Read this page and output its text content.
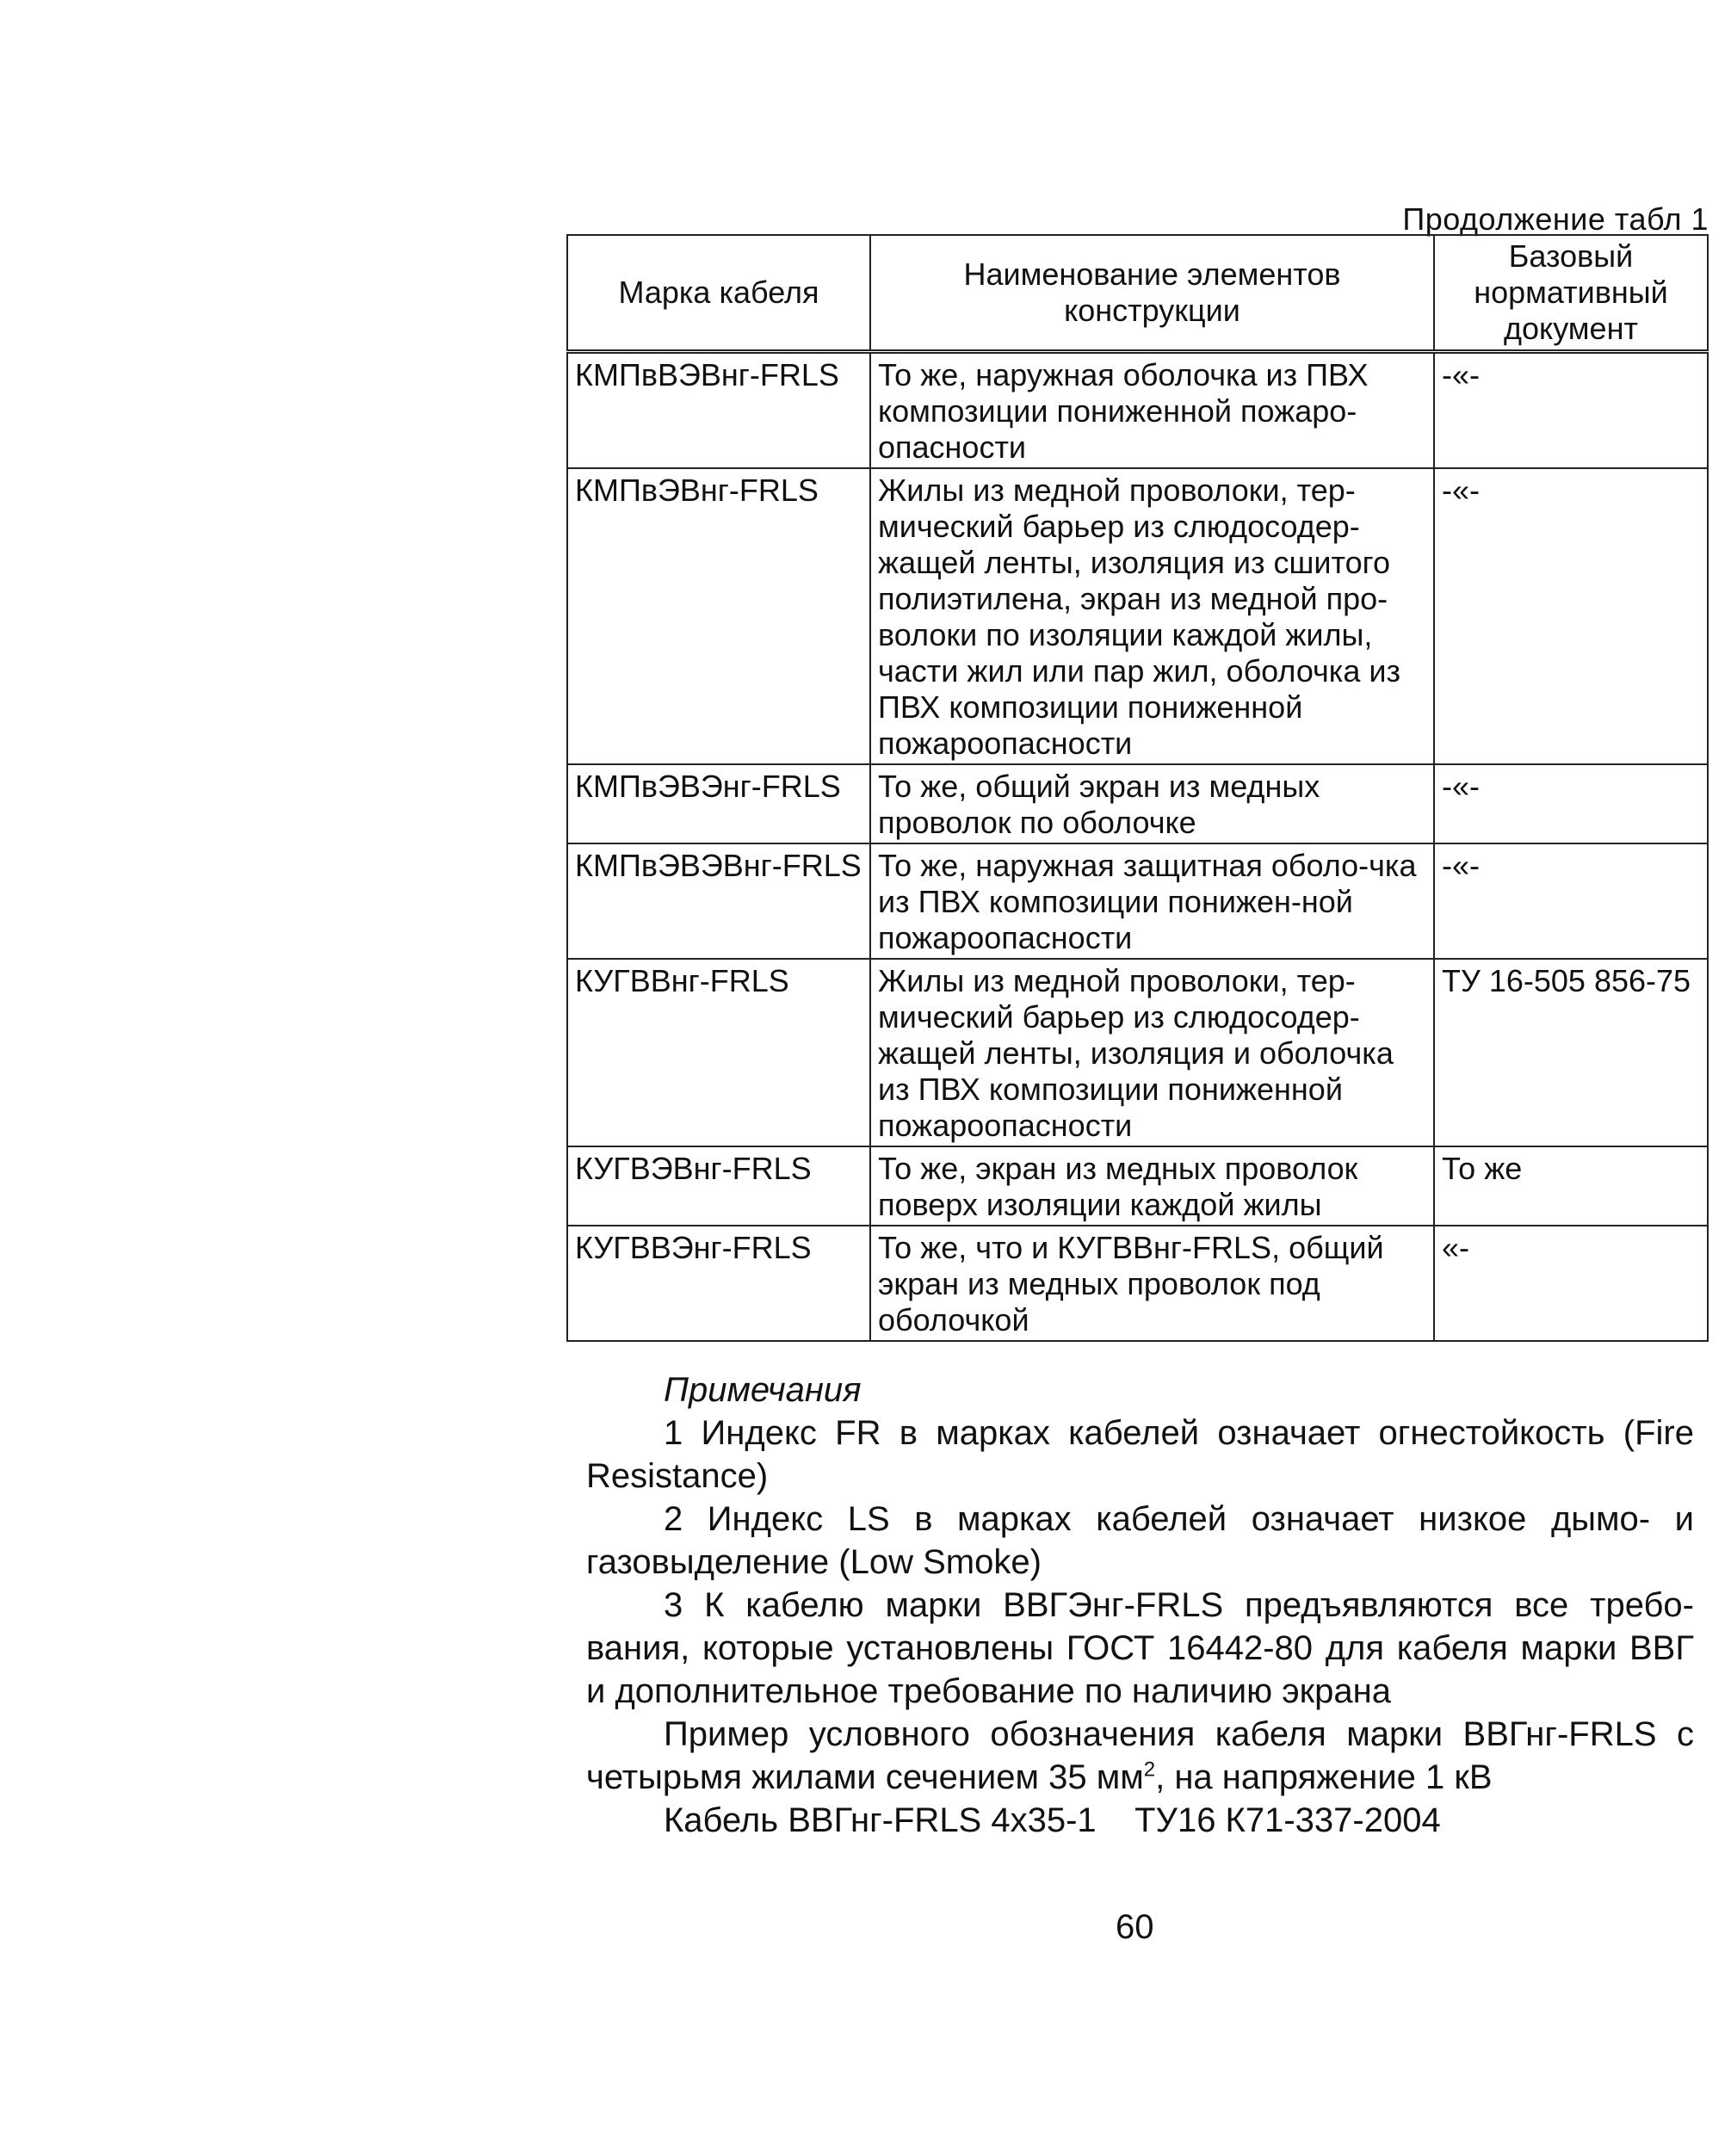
Продолжение табл 1
Марка кабеля	Наименование элементов конструкции	Базовый нормативный документ
КМПвВЭВнг-FRLS	То же, наружная оболочка из ПВХ композиции пониженной пожаро-опасности	-«-
КМПвЭВнг-FRLS	Жилы из медной проволоки, тер-мический барьер из слюдосодер-жащей ленты, изоляция из сшитого полиэтилена, экран из медной про-волоки по изоляции каждой жилы, части жил или пар жил, оболочка из ПВХ композиции пониженной пожароопасности	-«-
КМПвЭВЭнг-FRLS	То же, общий экран из медных проволок по оболочке	-«-
КМПвЭВЭВнг-FRLS	То же, наружная защитная оболо-чка из ПВХ композиции понижен-ной пожароопасности	-«-
КУГВВнг-FRLS	Жилы из медной проволоки, тер-мический барьер из слюдосодер-жащей ленты, изоляция и оболочка из ПВХ композиции пониженной пожароопасности	ТУ 16-505 856-75
КУГВЭВнг-FRLS	То же, экран из медных проволок поверх изоляции каждой жилы	То же
КУГВВЭнг-FRLS	То же, что и КУГВВнг-FRLS, общий экран из медных проволок под оболочкой	«-
Примечания

1 Индекс FR в марках кабелей означает огнестойкость (Fire Resistance)

2 Индекс LS в марках кабелей означает низкое дымо- и газовыделение (Low Smoke)

3 К кабелю марки ВВГЭнг-FRLS предъявляются все требо-вания, которые установлены ГОСТ 16442-80 для кабеля марки ВВГ и дополнительное требование по наличию экрана

Пример условного обозначения кабеля марки ВВГнг-FRLS с четырьмя жилами сечением 35 $мм^2$, на напряжение 1 кВ

Кабель ВВГнг-FRLS 4х35-1    ТУ16 К71-337-2004
60
